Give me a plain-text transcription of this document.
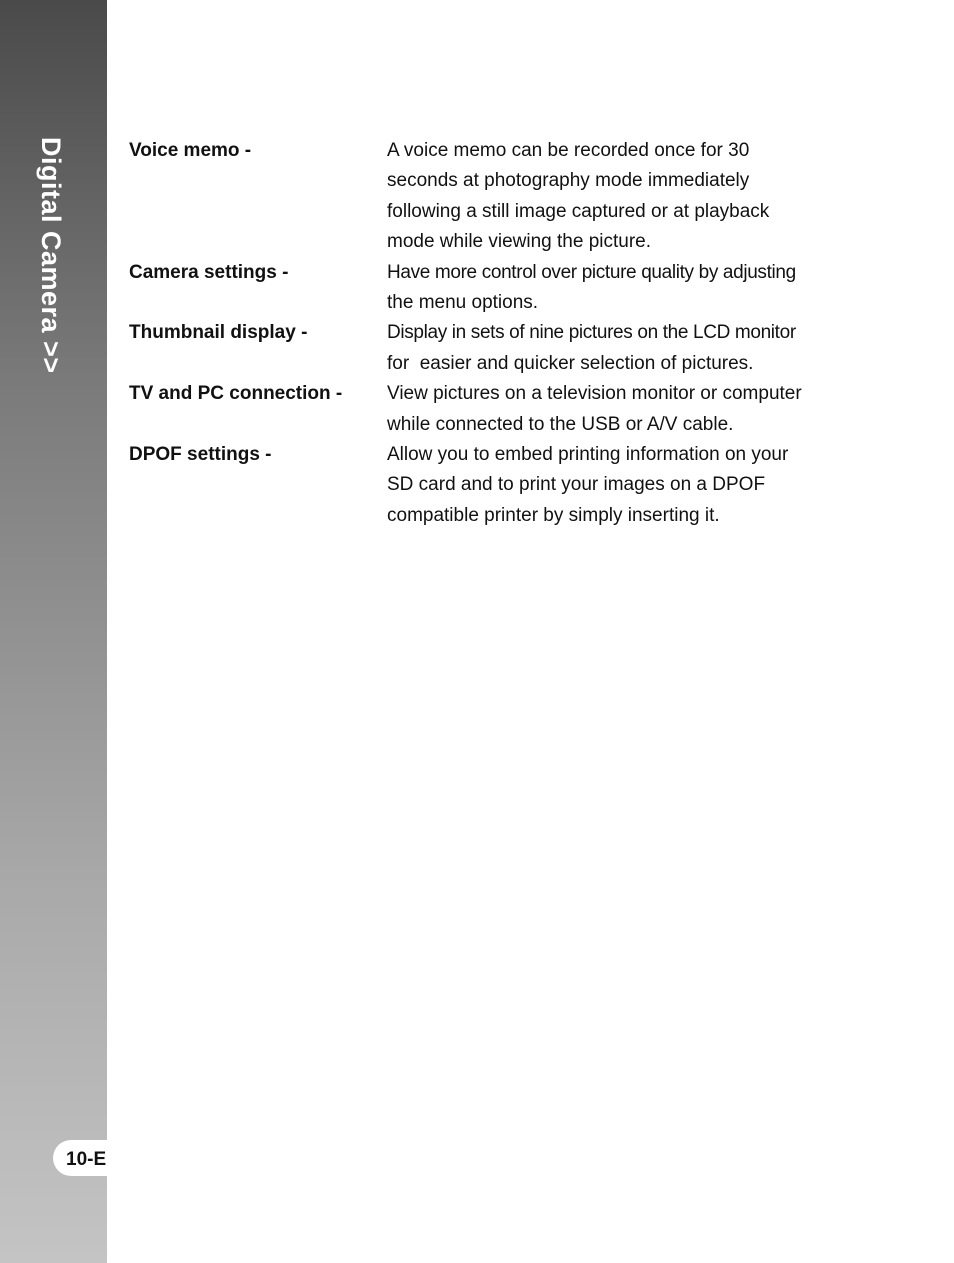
Digital Camera >>
10-E
Voice memo -	A voice memo can be recorded once for 30
seconds at photography mode immediately
following a still image captured or at playback
mode while viewing the picture.
Camera settings -	Have more control over picture quality by adjusting
the menu options.
Thumbnail display -	Display in sets of nine pictures on the LCD monitor
for  easier and quicker selection of pictures.
TV and PC connection -	View pictures on a television monitor or computer
while connected to the USB or A/V cable.
DPOF settings -	Allow you to embed printing information on your
SD card and to print your images on a DPOF
compatible printer by simply inserting it.
